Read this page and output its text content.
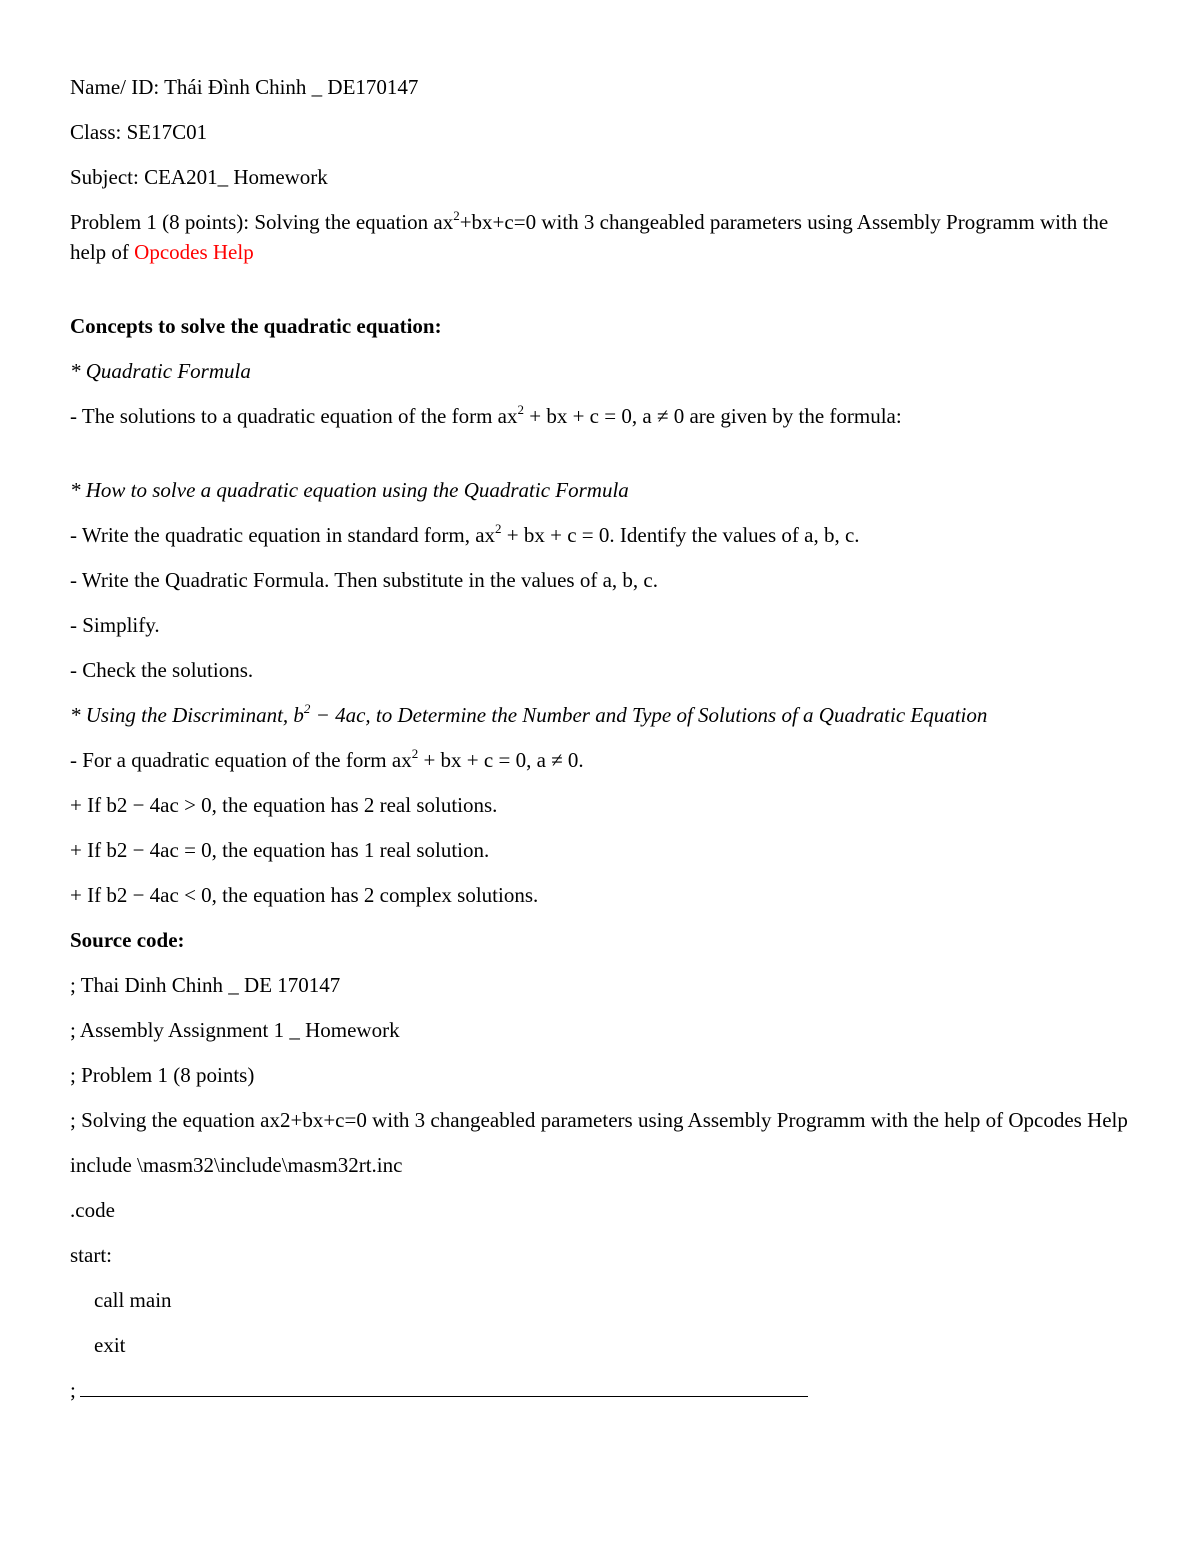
Name/ ID: Thái Đình Chinh _ DE170147

Class: SE17C01

Subject: CEA201_ Homework

Problem 1 (8 points): Solving the equation $ax^2+bx+c=0$ with 3 changeabled parameters using Assembly Programm with the help of Opcodes Help

Concepts to solve the quadratic equation:

* Quadratic Formula

- The solutions to a quadratic equation of the form $ax^2$ + bx + c = 0, a ≠ 0 are given by the formula:

* How to solve a quadratic equation using the Quadratic Formula

- Write the quadratic equation in standard form, $ax^2$ + bx + c = 0. Identify the values of a, b, c.

- Write the Quadratic Formula. Then substitute in the values of a, b, c.

- Simplify.

- Check the solutions.

* Using the Discriminant, $b^2 - 4ac$, to Determine the Number and Type of Solutions of a Quadratic Equation

- For a quadratic equation of the form $ax^2$ + bx + c = 0, a ≠ 0.

+ If b2 − 4ac > 0, the equation has 2 real solutions.

+ If b2 − 4ac = 0, the equation has 1 real solution.

+ If b2 − 4ac < 0, the equation has 2 complex solutions.

Source code:

; Thai Dinh Chinh _ DE 170147

; Assembly Assignment 1 _ Homework

; Problem 1 (8 points)

; Solving the equation ax2+bx+c=0 with 3 changeabled parameters using Assembly Programm with the help of Opcodes Help

include \masm32\include\masm32rt.inc

.code

start:

call main

exit

;
